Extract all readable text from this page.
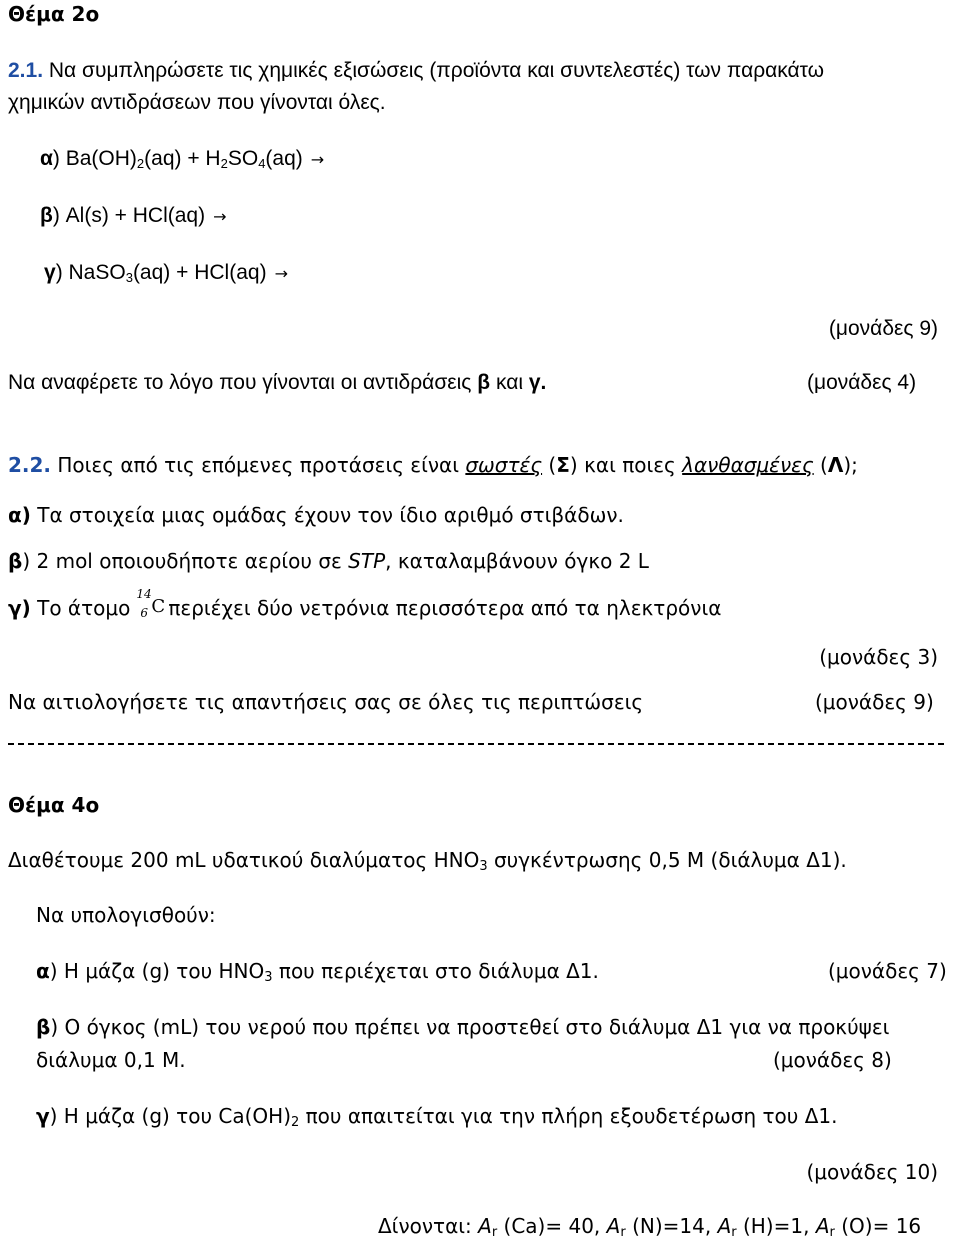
Θέμα 2ο
2.1. Να συμπληρώσετε τις χημικές εξισώσεις (προϊόντα και συντελεστές) των παρακάτω
χημικών αντιδράσεων που γίνονται όλες.
α) $Ba(OH)_2(aq) + H_2SO_4(aq)$ →
β) Al(s) + HCl(aq) →
γ) NaSO$_3$(aq) + HCl(aq) →
(μονάδες 9)
Να αναφέρετε το λόγο που γίνονται οι αντιδράσεις β και γ.	(μονάδες 4)
2.2. Ποιες από τις επόμενες προτάσεις είναι σωστές (Σ) και ποιες λανθασμένες (Λ);
α) Τα στοιχεία μιας ομάδας έχουν τον ίδιο αριθμό στιβάδων.
β) 2 mol οποιουδήποτε αερίου σε STP, καταλαμβάνουν όγκο 2 L
γ) Το άτομο
14
6 C περιέχει δύο νετρόνια περισσότερα από τα ηλεκτρόνια
(μονάδες 3)
Να αιτιολογήσετε τις απαντήσεις σας σε όλες τις περιπτώσεις	(μονάδες 9)
Θέμα 4ο
Διαθέτουμε 200 mL υδατικού διαλύματος $HNO_3$ συγκέντρωσης 0,5 M (διάλυμα Δ1).
Να υπολογισθούν:
α) Η μάζα (g) του $HNO_3$ που περιέχεται στο διάλυμα Δ1.	(μονάδες 7)
β) Ο όγκος (mL) του νερού που πρέπει να προστεθεί στο διάλυμα Δ1 για να προκύψει
διάλυμα 0,1 M.	(μονάδες 8)
γ) Η μάζα (g) του $Ca(OH)_2$ που απαιτείται για την πλήρη εξουδετέρωση του Δ1.
(μονάδες 10)
Δίνονται: $A_r$ (Ca)= 40, $A_r$ (N)=14, $A_r$ (H)=1, $A_r$ (O)= 16
